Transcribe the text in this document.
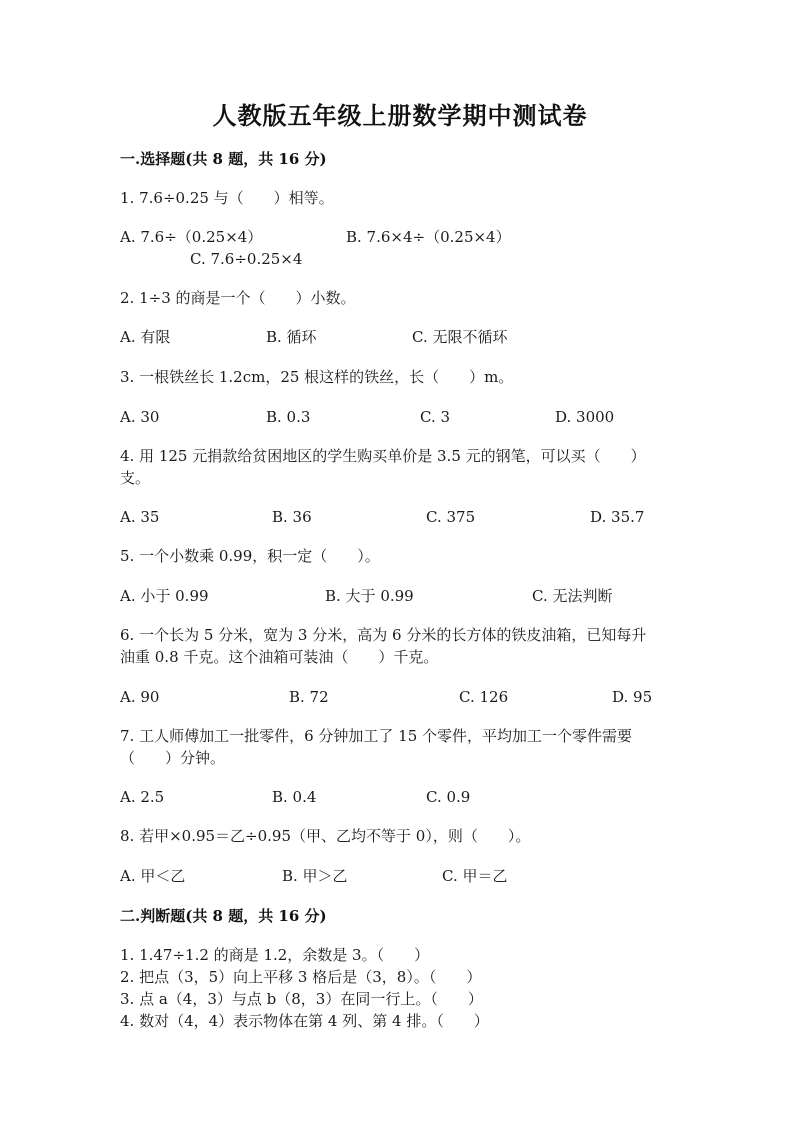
人教版五年级上册数学期中测试卷
一.选择题(共 8 题，共 16 分)
1. 7.6÷0.25 与（　　）相等。
A. 7.6÷（0.25×4）	B. 7.6×4÷（0.25×4）
C. 7.6÷0.25×4
2. 1÷3 的商是一个（　　）小数。
A. 有限	B. 循环	C. 无限不循环
3. 一根铁丝长 1.2cm，25 根这样的铁丝，长（　　）m。
A. 30	B. 0.3	C. 3	D. 3000
4. 用 125 元捐款给贫困地区的学生购买单价是 3.5 元的钢笔，可以买（　　）
支。
A. 35	B. 36	C. 375	D. 35.7
5. 一个小数乘 0.99，积一定（　　）。
A. 小于 0.99	B. 大于 0.99	C. 无法判断
6. 一个长为 5 分米，宽为 3 分米，高为 6 分米的长方体的铁皮油箱，已知每升
油重 0.8 千克。这个油箱可装油（　　）千克。
A. 90	B. 72	C. 126	D. 95
7. 工人师傅加工一批零件，6 分钟加工了 15 个零件，平均加工一个零件需要
（　　）分钟。
A. 2.5	B. 0.4	C. 0.9
8. 若甲×0.95＝乙÷0.95（甲、乙均不等于 0），则（　　）。
A. 甲＜乙	B. 甲＞乙	C. 甲＝乙
二.判断题(共 8 题，共 16 分)
1. 1.47÷1.2 的商是 1.2，余数是 3。（　　）
2. 把点（3，5）向上平移 3 格后是（3，8）。（　　）
3. 点 a（4，3）与点 b（8，3）在同一行上。（　　）
4. 数对（4，4）表示物体在第 4 列、第 4 排。（　　）
